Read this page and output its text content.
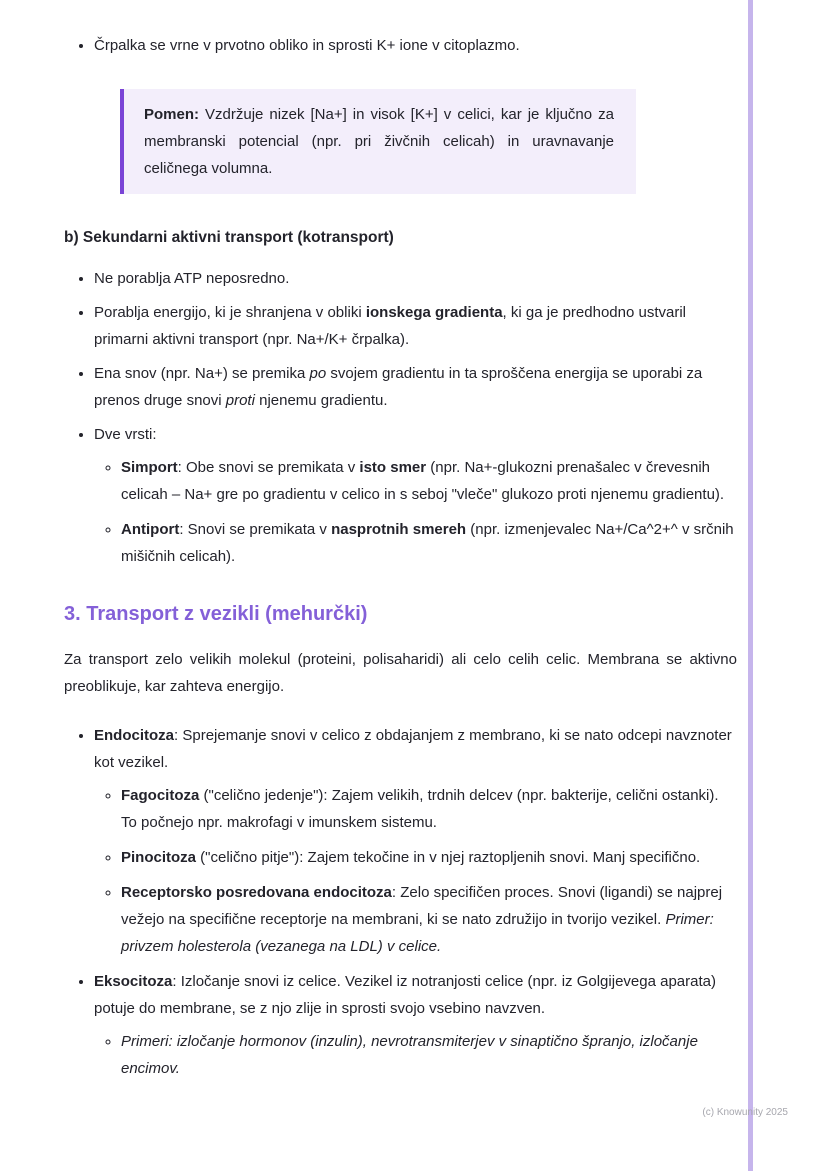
• Črpalka se vrne v prvotno obliko in sprosti K+ ione v citoplazmo.

Pomen: Vzdržuje nizek [Na+] in visok [K+] v celici, kar je ključno za membranski potencial (npr. pri živčnih celicah) in uravnavanje celičnega volumna.

b) Sekundarni aktivni transport (kotransport)
• Ne porablja ATP neposredno.
• Porablja energijo, ki je shranjena v obliki ionskega gradienta, ki ga je predhodno ustvaril primarni aktivni transport (npr. Na+/K+ črpalka).
• Ena snov (npr. Na+) se premika po svojem gradientu in ta sproščena energija se uporabi za prenos druge snovi proti njenemu gradientu.
• Dve vrsti:
◦ Simport: Obe snovi se premikata v isto smer (npr. Na+-glukozni prenašalec v črevesnih celicah – Na+ gre po gradientu v celico in s seboj "vleče" glukozo proti njenemu gradientu).
◦ Antiport: Snovi se premikata v nasprotnih smereh (npr. izmenjevalec Na+/Ca^2+^ v srčnih mišičnih celicah).
3. Transport z vezikli (mehurčki)

Za transport zelo velikih molekul (proteini, polisaharidi) ali celo celih celic. Membrana se aktivno preoblikuje, kar zahteva energijo.

• Endocitoza: Sprejemanje snovi v celico z obdajanjem z membrano, ki se nato odcepi navznoter kot vezikel.
◦ Fagocitoza ("celično jedenje"): Zajem velikih, trdnih delcev (npr. bakterije, celični ostanki). To počnejo npr. makrofagi v imunskem sistemu.
◦ Pinocitoza ("celično pitje"): Zajem tekočine in v njej raztopljenih snovi. Manj specifično.
◦ Receptorsko posredovana endocitoza: Zelo specifičen proces. Snovi (ligandi) se najprej vežejo na specifične receptorje na membrani, ki se nato združijo in tvorijo vezikel. Primer: privzem holesterola (vezanega na LDL) v celice.
• Eksocitoza: Izločanje snovi iz celice. Vezikel iz notranjosti celice (npr. iz Golgijevega aparata) potuje do membrane, se z njo zlije in sprosti svojo vsebino navzven.
◦ Primeri: izločanje hormonov (inzulin), nevrotransmiterjev v sinaptično špranjo, izločanje encimov.
(c) Knowunity 2025
